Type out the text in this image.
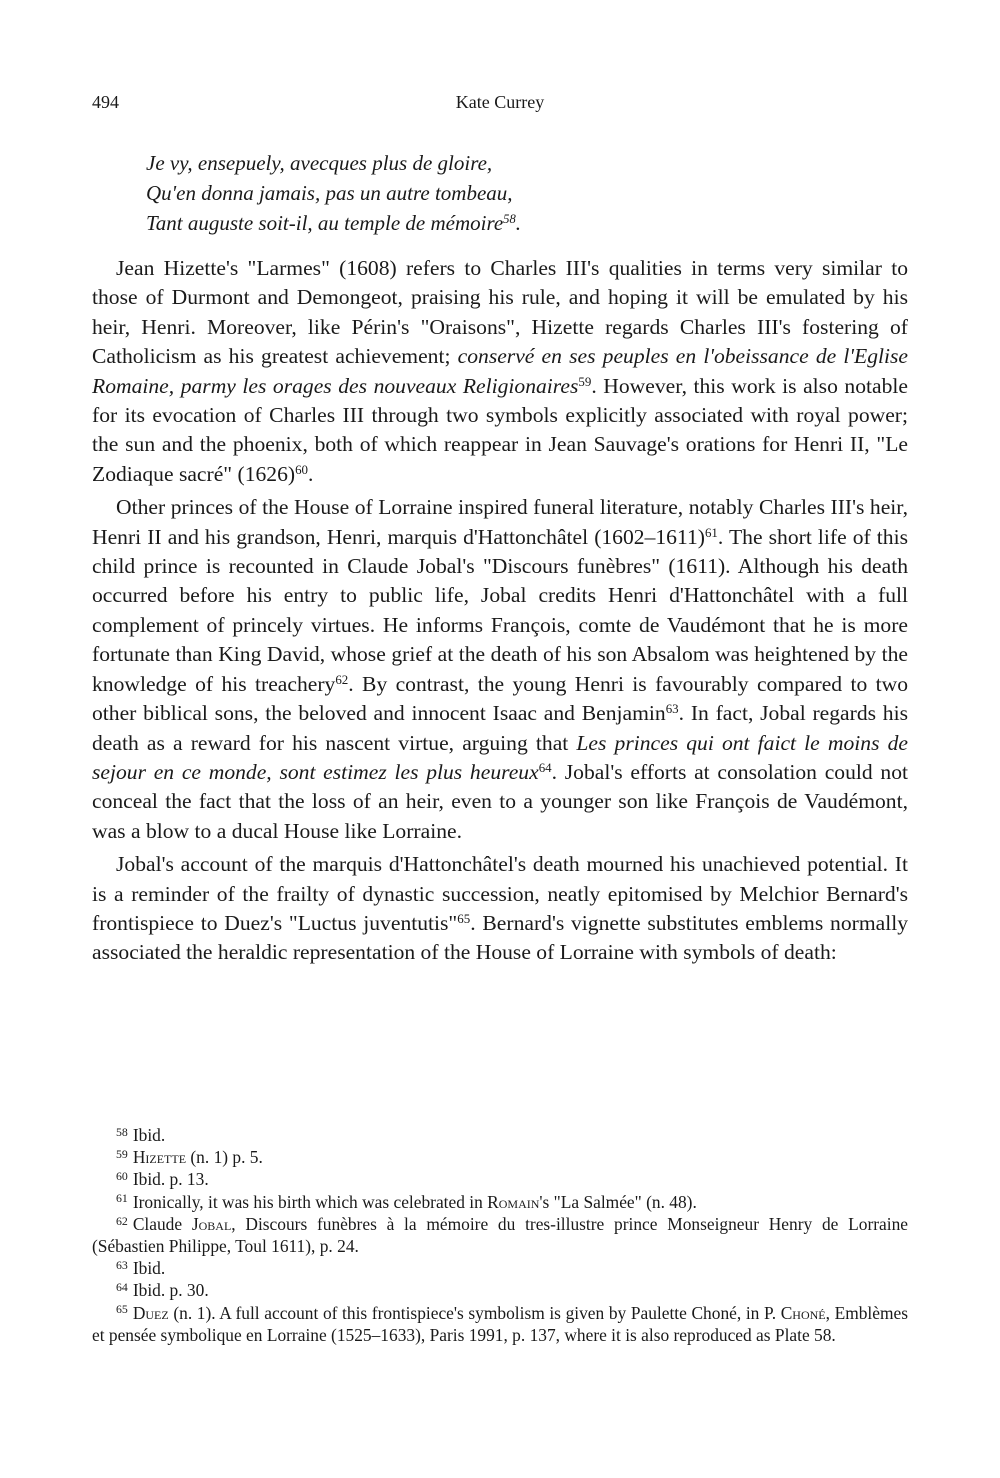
494	Kate Currey
Je vy, ensepuely, avecques plus de gloire,
Qu'en donna jamais, pas un autre tombeau,
Tant auguste soit-il, au temple de mémoire$^{58}$.

Jean Hizette's "Larmes" (1608) refers to Charles III's qualities in terms very similar to those of Durmont and Demongeot, praising his rule, and hoping it will be emulated by his heir, Henri. Moreover, like Périn's "Oraisons", Hizette regards Charles III's fostering of Catholicism as his greatest achievement; conservé en ses peuples en l'obeissance de l'Eglise Romaine, parmy les orages des nouveaux Religionaires$^{59}$. However, this work is also notable for its evocation of Charles III through two symbols explicitly associated with royal power; the sun and the phoenix, both of which reappear in Jean Sauvage's orations for Henri II, "Le Zodiaque sacré" $(1626)^{60}$.

Other princes of the House of Lorraine inspired funeral literature, notably Charles III's heir, Henri II and his grandson, Henri, marquis d'Hattonchâtel (1602–1611)$^{61}$. The short life of this child prince is recounted in Claude Jobal's "Discours funèbres" (1611). Although his death occurred before his entry to public life, Jobal credits Henri d'Hattonchâtel with a full complement of princely virtues. He informs François, comte de Vaudémont that he is more fortunate than King David, whose grief at the death of his son Absalom was heightened by the knowledge of his treachery$^{62}$. By contrast, the young Henri is favourably compared to two other biblical sons, the beloved and innocent Isaac and Benjamin$^{63}$. In fact, Jobal regards his death as a reward for his nascent virtue, arguing that Les princes qui ont faict le moins de sejour en ce monde, sont estimez les plus heureux$^{64}$. Jobal's efforts at consolation could not conceal the fact that the loss of an heir, even to a younger son like François de Vaudémont, was a blow to a ducal House like Lorraine.

Jobal's account of the marquis d'Hattonchâtel's death mourned his unachieved potential. It is a reminder of the frailty of dynastic succession, neatly epitomised by Melchior Bernard's frontispiece to Duez's "Luctus juventutis"$^{65}$. Bernard's vignette substitutes emblems normally associated the heraldic representation of the House of Lorraine with symbols of death:

$^{58}$ Ibid.
$^{59}$ Hizette (n. 1) p. 5.
$^{60}$ Ibid. p. 13.
$^{61}$ Ironically, it was his birth which was celebrated in Romain's "La Salmée" (n. 48).
$^{62}$ Claude Jobal, Discours funèbres à la mémoire du tres-illustre prince Monseigneur Henry de Lorraine (Sébastien Philippe, Toul 1611), p. 24.
$^{63}$ Ibid.
$^{64}$ Ibid. p. 30.
$^{65}$ Duez (n. 1). A full account of this frontispiece's symbolism is given by Paulette Choné, in P. Choné, Emblèmes et pensée symbolique en Lorraine (1525–1633), Paris 1991, p. 137, where it is also reproduced as Plate 58.
